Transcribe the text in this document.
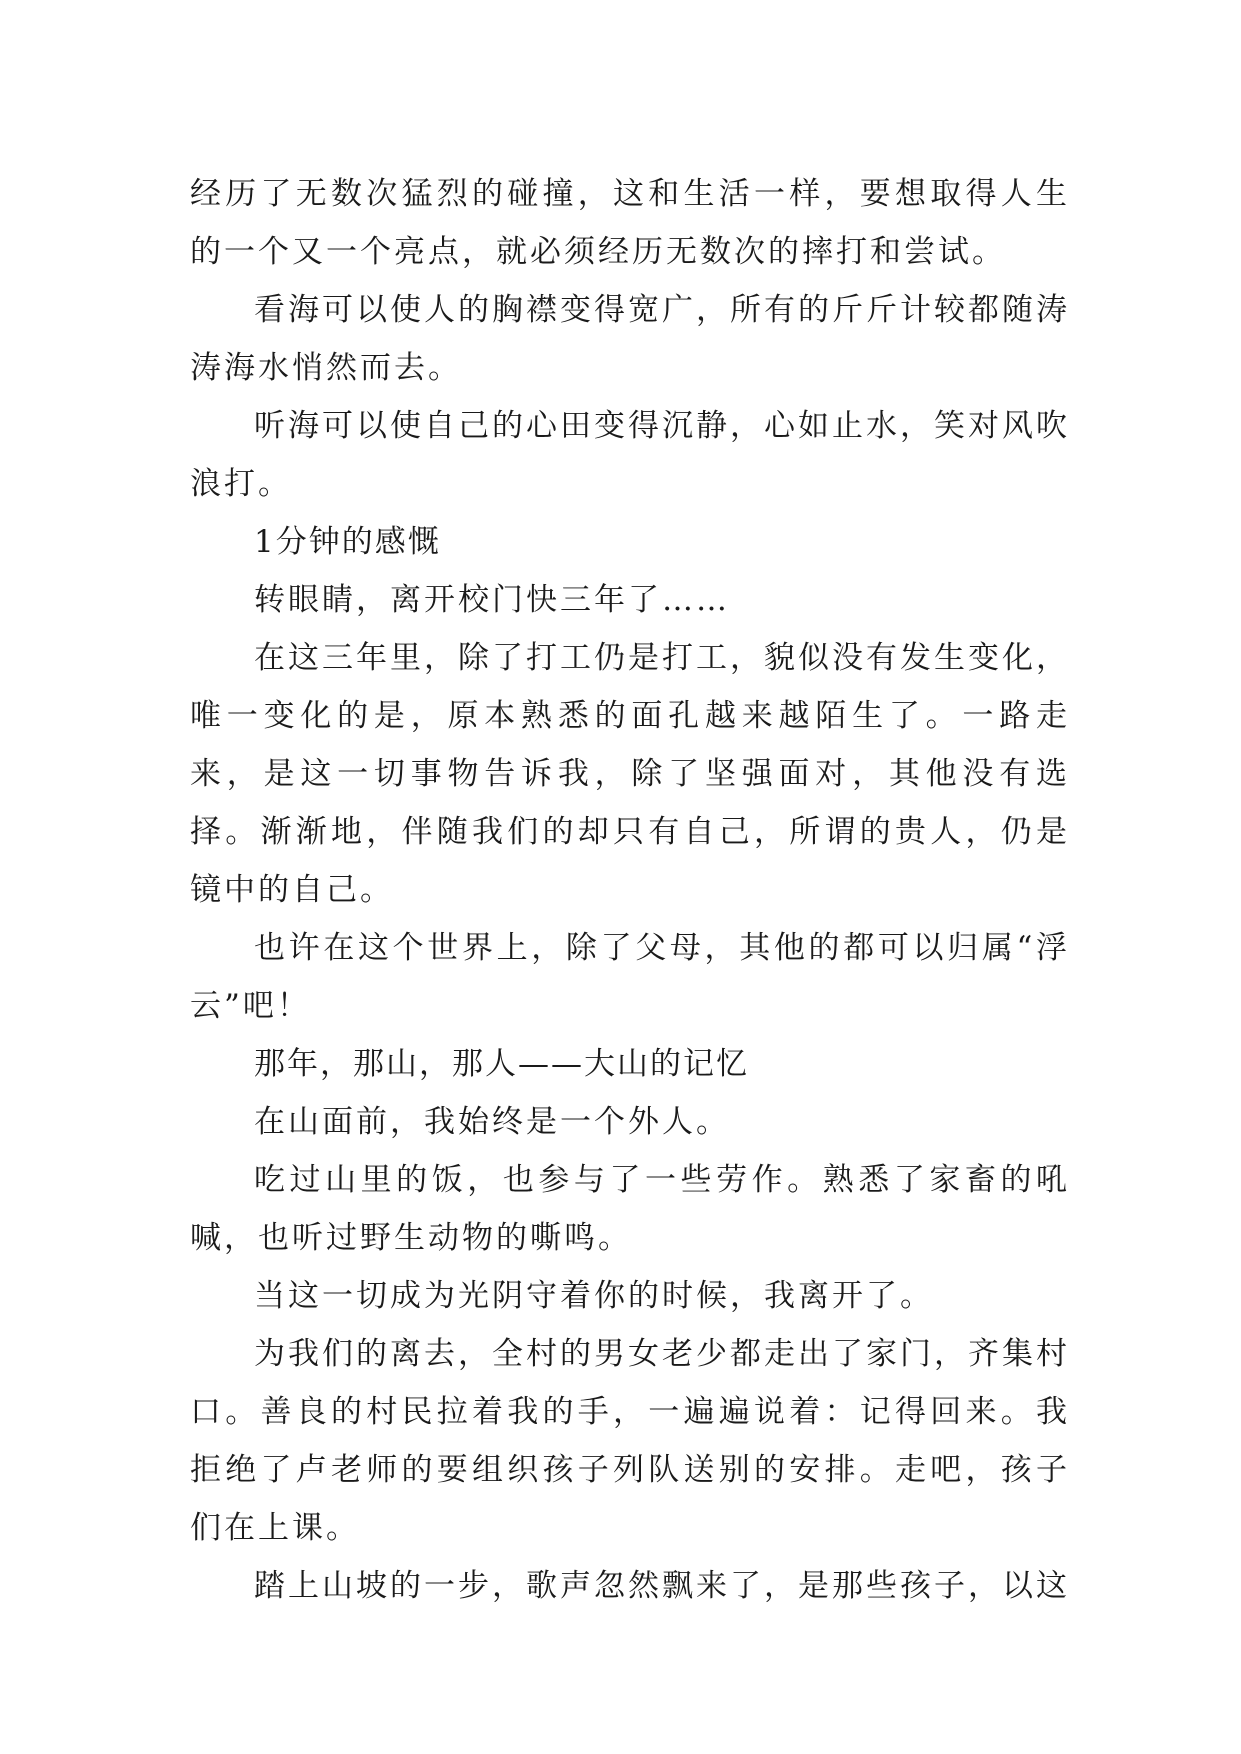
经历了无数次猛烈的碰撞，这和生活一样，要想取得人生的一个又一个亮点，就必须经历无数次的摔打和尝试。

看海可以使人的胸襟变得宽广，所有的斤斤计较都随涛涛海水悄然而去。

听海可以使自己的心田变得沉静，心如止水，笑对风吹浪打。

1分钟的感慨

转眼睛，离开校门快三年了……

在这三年里，除了打工仍是打工，貌似没有发生变化，唯一变化的是，原本熟悉的面孔越来越陌生了。一路走来，是这一切事物告诉我，除了坚强面对，其他没有选择。渐渐地，伴随我们的却只有自己，所谓的贵人，仍是镜中的自己。

也许在这个世界上，除了父母，其他的都可以归属“浮云”吧！

那年，那山，那人——大山的记忆

在山面前，我始终是一个外人。

吃过山里的饭，也参与了一些劳作。熟悉了家畜的吼喊，也听过野生动物的嘶鸣。

当这一切成为光阴守着你的时候，我离开了。

为我们的离去，全村的男女老少都走出了家门，齐集村口。善良的村民拉着我的手，一遍遍说着：记得回来。我拒绝了卢老师的要组织孩子列队送别的安排。走吧，孩子们在上课。

踏上山坡的一步，歌声忽然飘来了，是那些孩子，以这
